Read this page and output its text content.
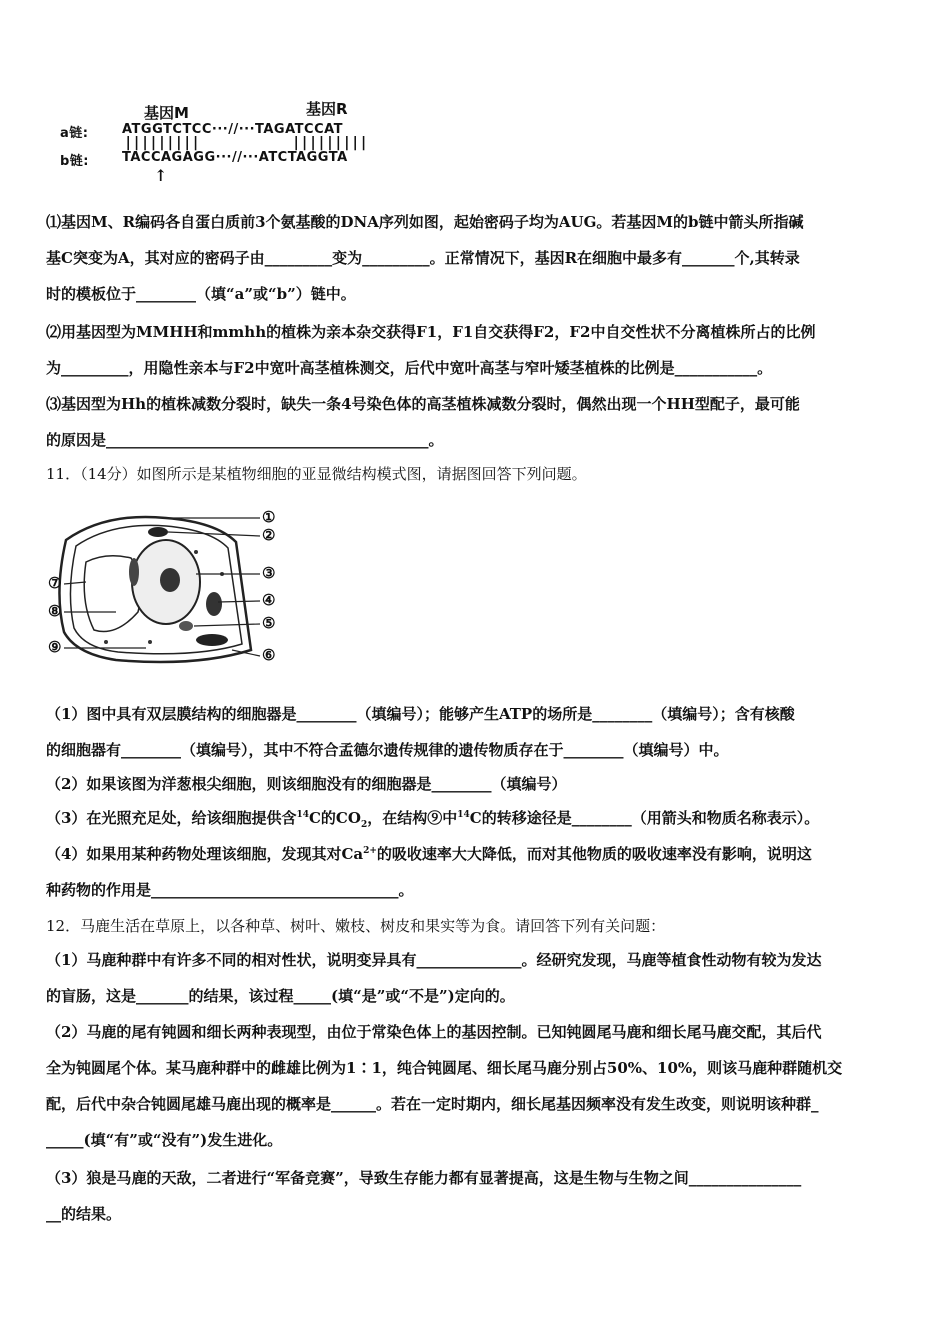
基因M	基因R
a链:	ATGGTCTCC···//···TAGATCCAT
|||||||||	|||||||||
b链:	TACCAGAGG···//···ATCTAGGTA
↑
⑴基因M、R编码各自蛋白质前3个氨基酸的DNA序列如图，起始密码子均为AUG。若基因M的b链中箭头所指碱
基C突变为A，其对应的密码子由_________变为_________。正常情况下，基因R在细胞中最多有_______个,其转录
时的模板位于________（填“a”或“b”）链中。
⑵用基因型为MMHH和mmhh的植株为亲本杂交获得F1，F1自交获得F2，F2中自交性状不分离植株所占的比例
为_________，用隐性亲本与F2中宽叶高茎植株测交，后代中宽叶高茎与窄叶矮茎植株的比例是___________。
⑶基因型为Hh的植株减数分裂时，缺失一条4号染色体的高茎植株减数分裂时，偶然出现一个HH型配子，最可能
的原因是___________________________________________。
11．（14分）如图所示是某植物细胞的亚显微结构模式图，请据图回答下列问题。
①
②
③
④
⑤
⑥
⑦
⑧
⑨
（1）图中具有双层膜结构的细胞器是________（填编号）；能够产生ATP的场所是________（填编号）；含有核酸
的细胞器有________（填编号），其中不符合孟德尔遗传规律的遗传物质存在于________（填编号）中。
（2）如果该图为洋葱根尖细胞，则该细胞没有的细胞器是________（填编号）
（3）在光照充足处，给该细胞提供含$^{14}$C的$CO_2$，在结构⑨中$^{14}$C的转移途径是________（用箭头和物质名称表示）。
（4）如果用某种药物处理该细胞，发现其对$Ca^{2+}$的吸收速率大大降低，而对其他物质的吸收速率没有影响，说明这
种药物的作用是_________________________________。
12．马鹿生活在草原上，以各种草、树叶、嫩枝、树皮和果实等为食。请回答下列有关问题：
（1）马鹿种群中有许多不同的相对性状，说明变异具有______________。经研究发现，马鹿等植食性动物有较为发达
的盲肠，这是_______的结果，该过程_____(填“是”或“不是”)定向的。
（2）马鹿的尾有钝圆和细长两种表现型，由位于常染色体上的基因控制。已知钝圆尾马鹿和细长尾马鹿交配，其后代
全为钝圆尾个体。某马鹿种群中的雌雄比例为1∶1，纯合钝圆尾、细长尾马鹿分别占50%、10%，则该马鹿种群随机交
配，后代中杂合钝圆尾雄马鹿出现的概率是______。若在一定时期内，细长尾基因频率没有发生改变，则说明该种群_
_____(填“有”或“没有”)发生进化。
（3）狼是马鹿的天敌，二者进行“军备竞赛”，导致生存能力都有显著提高，这是生物与生物之间_______________
__的结果。
